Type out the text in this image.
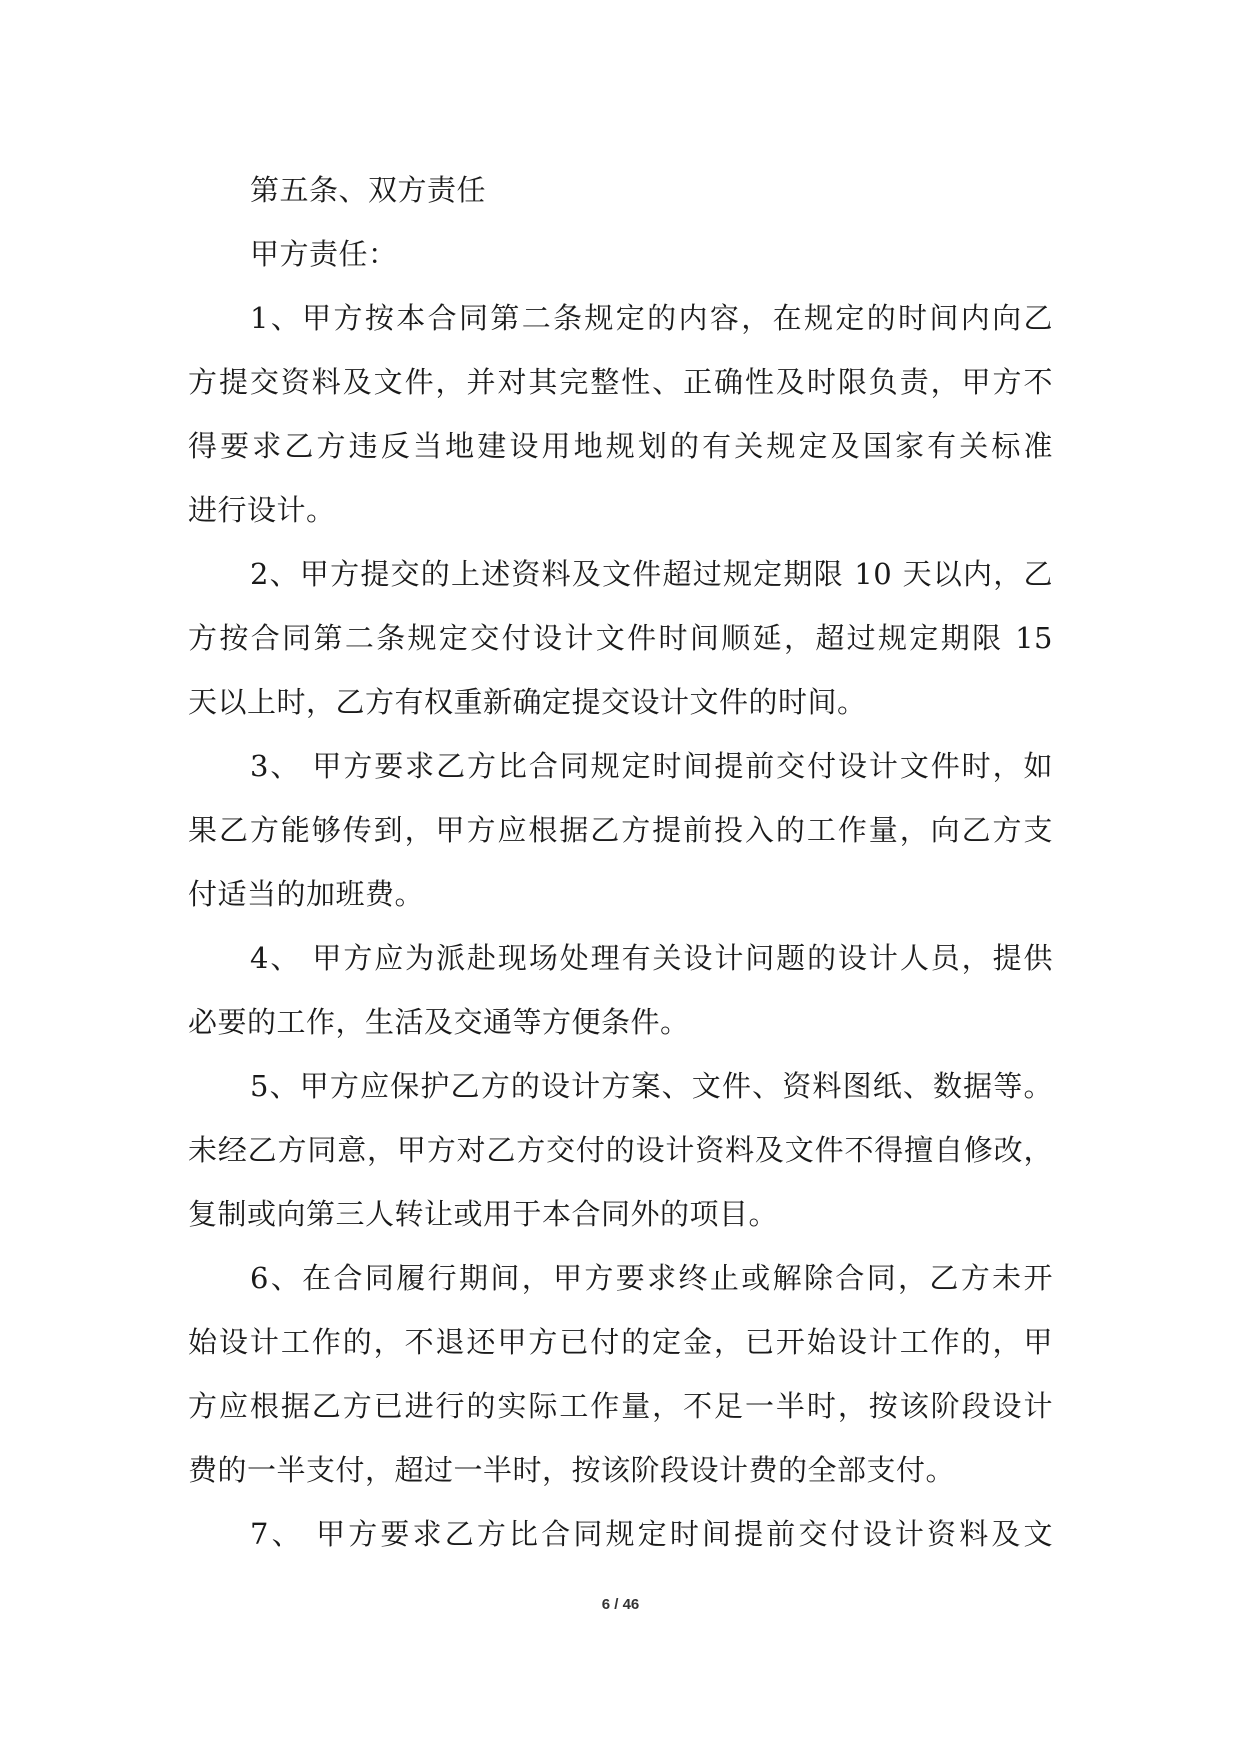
第五条、双方责任
甲方责任：
1、甲方按本合同第二条规定的内容，在规定的时间内向乙
方提交资料及文件，并对其完整性、正确性及时限负责，甲方不
得要求乙方违反当地建设用地规划的有关规定及国家有关标准
进行设计。
2、甲方提交的上述资料及文件超过规定期限 10 天以内，乙
方按合同第二条规定交付设计文件时间顺延，超过规定期限 15
天以上时，乙方有权重新确定提交设计文件的时间。
3、 甲方要求乙方比合同规定时间提前交付设计文件时，如
果乙方能够传到，甲方应根据乙方提前投入的工作量，向乙方支
付适当的加班费。
4、 甲方应为派赴现场处理有关设计问题的设计人员，提供
必要的工作，生活及交通等方便条件。
5、甲方应保护乙方的设计方案、文件、资料图纸、数据等。
未经乙方同意，甲方对乙方交付的设计资料及文件不得擅自修改，
复制或向第三人转让或用于本合同外的项目。
6、在合同履行期间，甲方要求终止或解除合同，乙方未开
始设计工作的，不退还甲方已付的定金，已开始设计工作的，甲
方应根据乙方已进行的实际工作量，不足一半时，按该阶段设计
费的一半支付，超过一半时，按该阶段设计费的全部支付。
7、 甲方要求乙方比合同规定时间提前交付设计资料及文
6 / 46
